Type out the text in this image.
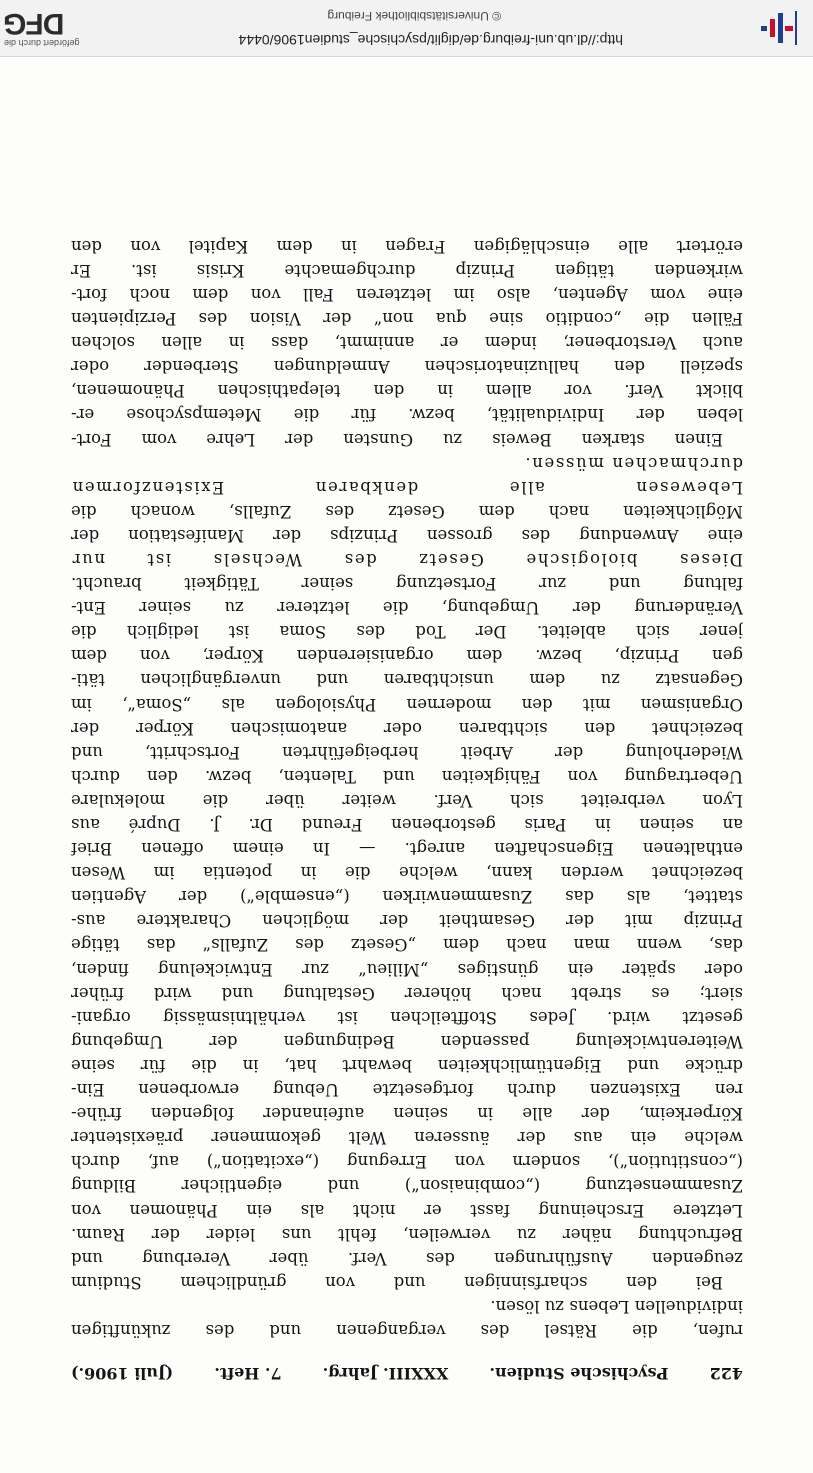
422
Psychische Studien.
XXXIII. Jahrg.
7. Heft.
(Juli 1906.)
rufen, die Rätsel des vergangenen und des zukünftigen
individuellen Lebens zu lösen.
Bei den scharfsinnigen und von gründlichem Studium
zeugenden Ausführungen des Verf. über Vererbung und
Befruchtung näher zu verweilen, fehlt uns leider der Raum.
Letztere Erscheinung fasst er nicht als ein Phänomen von
Zusammensetzung („combinaison“) und eigentlicher Bildung
(„constitution“), sondern von Erregung („excitation“) auf, durch
welche ein aus der äusseren Welt gekommener präexistenter
Körperkeim, der alle in seinen aufeinander folgenden frühe-
ren Existenzen durch fortgesetzte Uebung erworbenen Ein-
drücke und Eigentümlichkeiten bewahrt hat, in die für seine
Weiterentwickelung passenden Bedingungen der Umgebung
gesetzt wird. Jedes Stoffteilchen ist verhältnismässig organi-
siert; es strebt nach höherer Gestaltung und wird früher
oder später ein günstiges „Milieu“ zur Entwickelung finden,
das, wenn man nach dem „Gesetz des Zufalls“ das tätige
Prinzip mit der Gesamtheit der möglichen Charaktere aus-
stattet, als das Zusammenwirken („ensemble“) der Agentien
bezeichnet werden kann, welche die in potentia im Wesen
enthaltenen Eigenschaften anregt. — In einem offenen Brief
an seinen in Paris gestorbenen Freund Dr. J. Dupré aus
Lyon verbreitet sich Verf. weiter über die molekulare
Uebertragung von Fähigkeiten und Talenten, bezw. den durch
Wiederholung der Arbeit herbeigeführten Fortschritt, und
bezeichnet den sichtbaren oder anatomischen Körper der
Organismen mit den modernen Physiologen als „Soma“, im
Gegensatz zu dem unsichtbaren und unvergänglichen täti-
gen Prinzip, bezw. dem organisierenden Körper, von dem
jener sich ableitet. Der Tod des Soma ist lediglich die
Veränderung der Umgebung, die letzterer zu seiner Ent-
faltung und zur Fortsetzung seiner Tätigkeit braucht.
Dieses biologische Gesetz des Wechsels ist nur
eine Anwendung des grossen Prinzips der Manifestation der
Möglichkeiten nach dem Gesetz des Zufalls, wonach die
Lebewesen alle denkbaren Existenzformen
durchmachen müssen.
Einen starken Beweis zu Gunsten der Lehre vom Fort-
leben der Individualität, bezw. für die Metempsychose er-
blickt Verf. vor allem in den telepathischen Phänomenen,
speziell den halluzinatorischen Anmeldungen Sterbender oder
auch Verstorbener, indem er annimmt, dass in allen solchen
Fällen die „conditio sine qua non“ der Vision des Perzipienten
eine vom Agenten, also im letzteren Fall von dem noch fort-
wirkenden tätigen Prinzip durchgemachte Krisis ist. Er
erörtert alle einschlägigen Fragen in dem Kapitel von den
http://dl.ub.uni-freiburg.de/diglit/psychische_studien1906/0444
© Universitätsbibliothek Freiburg
gefördert durch die
DFG
